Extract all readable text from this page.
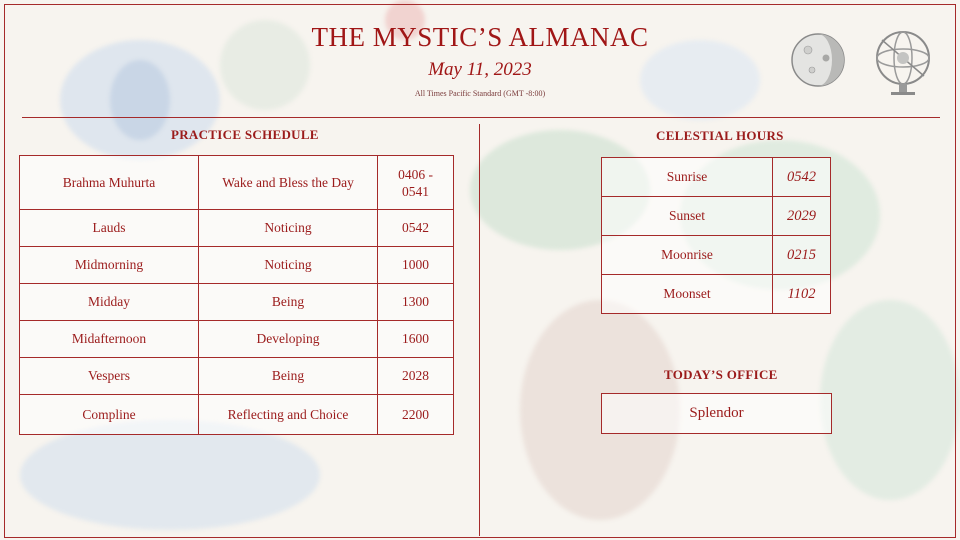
THE MYSTIC’S ALMANAC
May 11, 2023
All Times Pacific Standard (GMT -8:00)
PRACTICE SCHEDULE
Brahma Muhurta	Wake and Bless the Day	0406 - 0541
Lauds	Noticing	0542
Midmorning	Noticing	1000
Midday	Being	1300
Midafternoon	Developing	1600
Vespers	Being	2028
Compline	Reflecting and Choice	2200
CELESTIAL HOURS
Sunrise	0542
Sunset	2029
Moonrise	0215
Moonset	1102
TODAY’S OFFICE
Splendor
